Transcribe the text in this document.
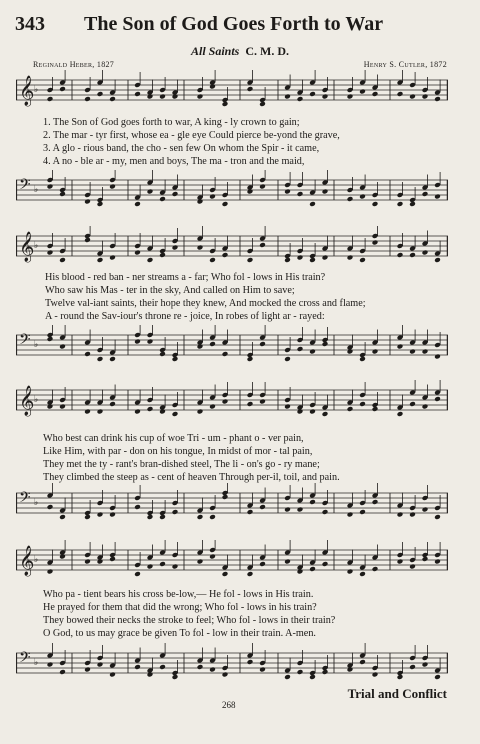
343 The Son of God Goes Forth to War
All Saints C. M. D.
Reginald Heber, 1827	Henry S. Cutler, 1872
𝄞 ♭
1. The Son of God goes forth to war, A king - ly crown to gain;
2. The mar - tyr first, whose ea - gle eye Could pierce be-yond the grave,
3. A glo - rious band, the cho - sen few On whom the Spir - it came,
4. A no - ble ar - my, men and boys, The ma - tron and the maid,
𝄢 ♭
𝄞 ♭
His blood - red ban - ner streams a - far; Who fol - lows in His train?
Who saw his Mas - ter in the sky, And called on Him to save;
Twelve val-iant saints, their hope they knew, And mocked the cross and flame;
A - round the Sav-iour's throne re - joice, In robes of light ar - rayed:
𝄢 ♭
𝄞 ♭
Who best can drink his cup of woe Tri - um - phant o - ver pain,
Like Him, with par - don on his tongue, In midst of mor - tal pain,
They met the ty - rant's bran-dished steel, The li - on's go - ry mane;
They climbed the steep as - cent of heaven Through per-il, toil, and pain.
𝄢 ♭
𝄞 ♭
Who pa - tient bears his cross be-low,— He fol - lows in His train.
He prayed for them that did the wrong; Who fol - lows in his train?
They bowed their necks the stroke to feel; Who fol - lows in their train?
O God, to us may grace be given To fol - low in their train. A-men.
𝄢 ♭
268
Trial and Conflict
